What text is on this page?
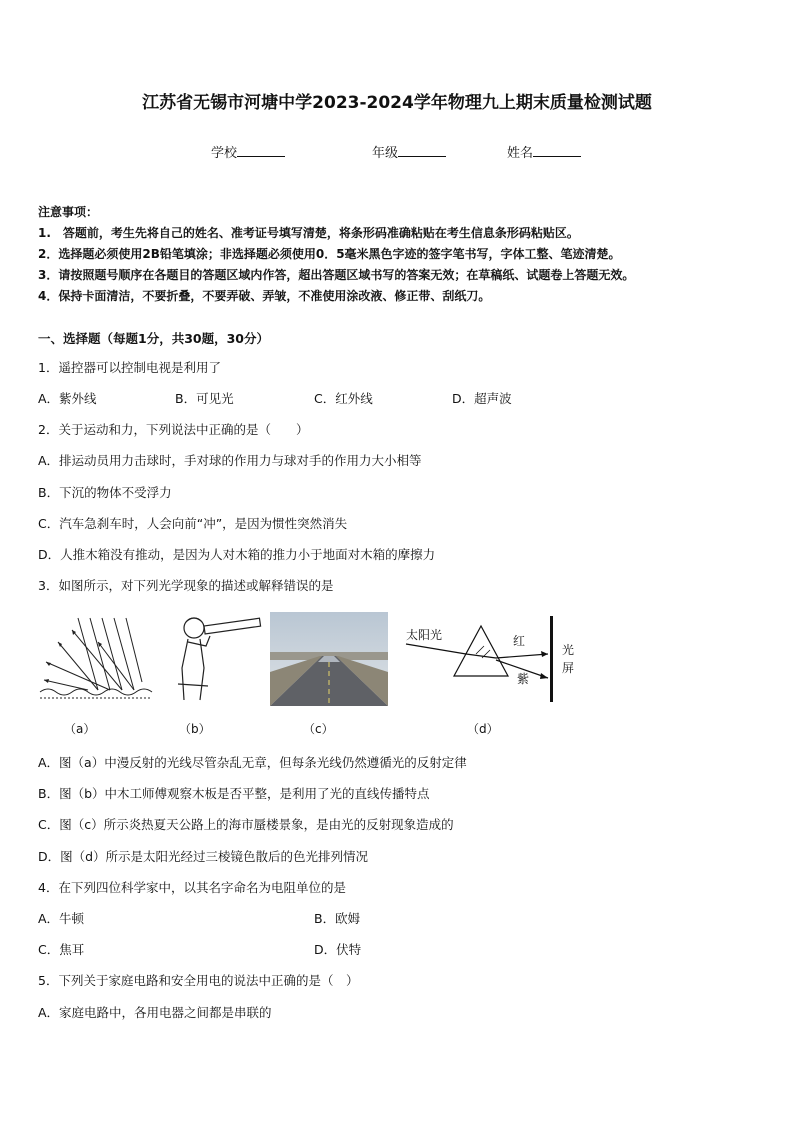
江苏省无锡市河塘中学2023-2024学年物理九上期末质量检测试题
学校	年级	姓名
注意事项：
1.　答题前，考生先将自己的姓名、准考证号填写清楚，将条形码准确粘贴在考生信息条形码粘贴区。
2．选择题必须使用2B铅笔填涂；非选择题必须使用0．5毫米黑色字迹的签字笔书写，字体工整、笔迹清楚。
3．请按照题号顺序在各题目的答题区域内作答，超出答题区域书写的答案无效；在草稿纸、试题卷上答题无效。
4．保持卡面清洁，不要折叠，不要弄破、弄皱，不准使用涂改液、修正带、刮纸刀。
一、选择题（每题1分，共30题，30分）
1．遥控器可以控制电视是利用了
A．紫外线	B．可见光	C．红外线	D．超声波
2．关于运动和力，下列说法中正确的是（　　）
A．排运动员用力击球时，手对球的作用力与球对手的作用力大小相等
B．下沉的物体不受浮力
C．汽车急刹车时，人会向前“冲”，是因为惯性突然消失
D．人推木箱没有推动，是因为人对木箱的推力小于地面对木箱的摩擦力
3．如图所示，对下列光学现象的描述或解释错误的是
（a）	（b）	（c）
太阳光	红
紫
光
屏
（d）
A．图（a）中漫反射的光线尽管杂乱无章，但每条光线仍然遵循光的反射定律
B．图（b）中木工师傅观察木板是否平整，是利用了光的直线传播特点
C．图（c）所示炎热夏天公路上的海市蜃楼景象，是由光的反射现象造成的
D．图（d）所示是太阳光经过三棱镜色散后的色光排列情况
4．在下列四位科学家中，以其名字命名为电阻单位的是
A．牛顿	B．欧姆
C．焦耳	D．伏特
5．下列关于家庭电路和安全用电的说法中正确的是（　）
A．家庭电路中，各用电器之间都是串联的
